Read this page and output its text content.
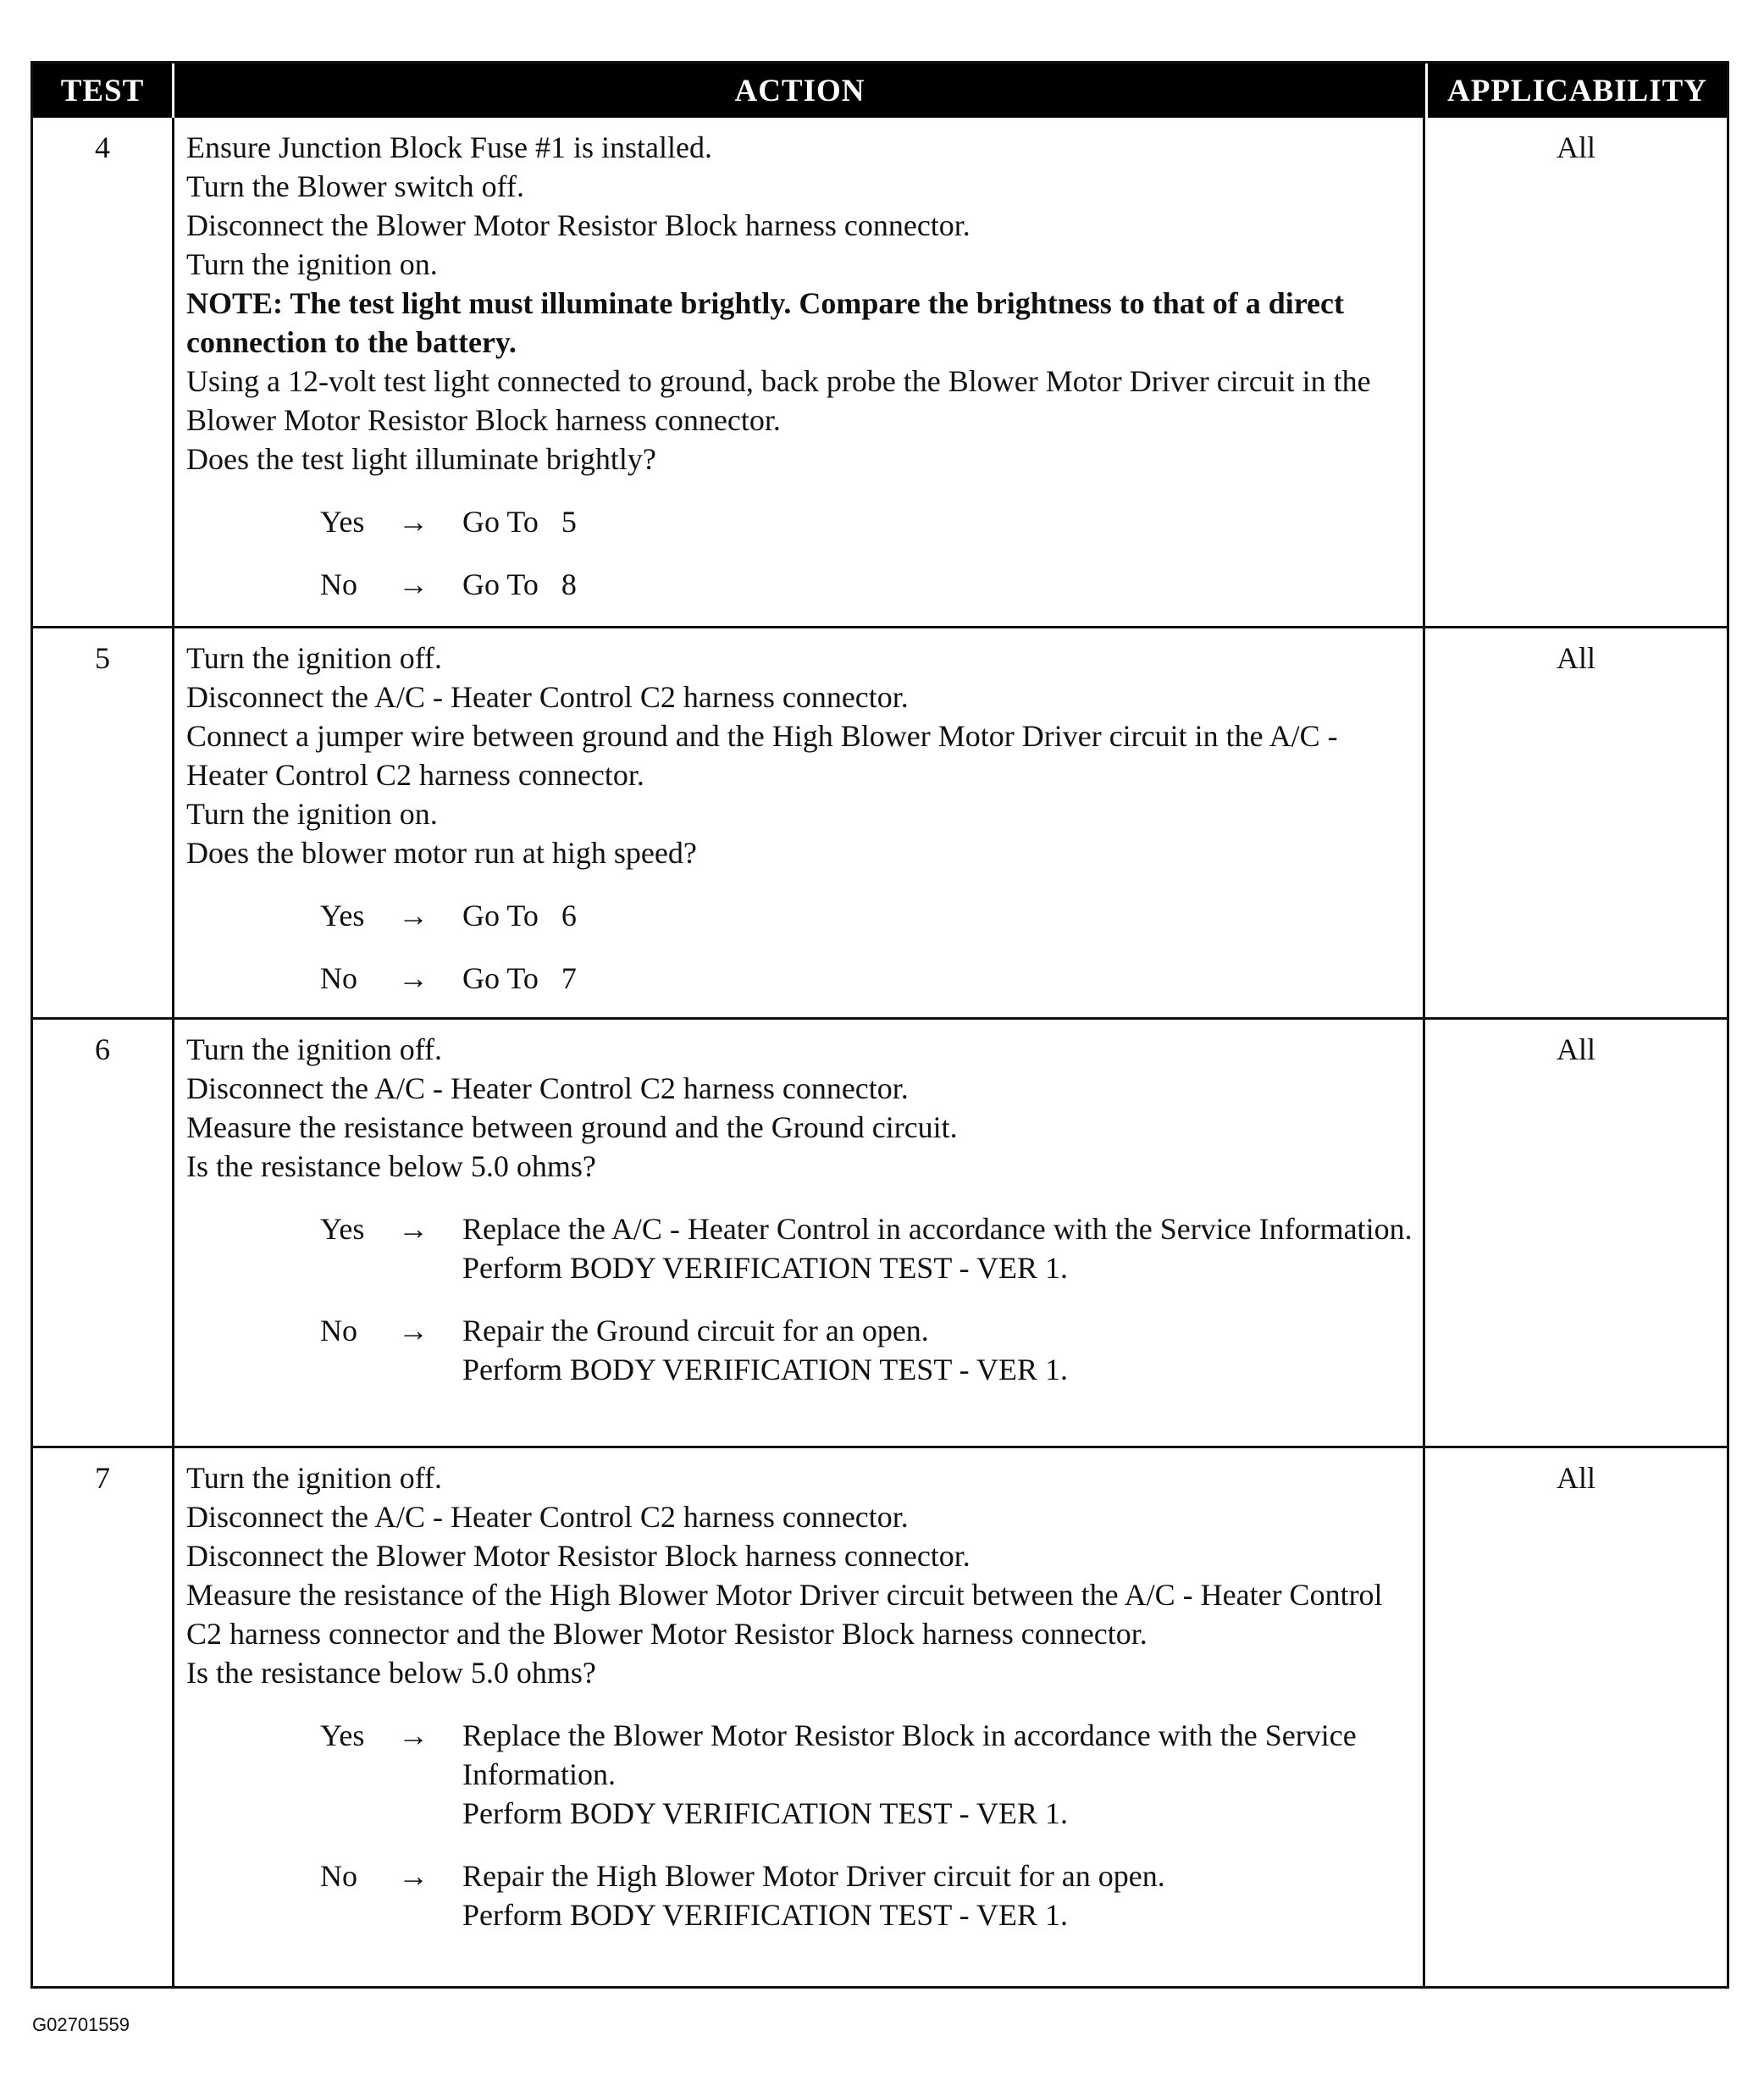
TEST	ACTION	APPLICABILITY
4	Ensure Junction Block Fuse #1 is installed.
Turn the Blower switch off.
Disconnect the Blower Motor Resistor Block harness connector.
Turn the ignition on.
NOTE: The test light must illuminate brightly. Compare the brightness to that of a direct connection to the battery.
Using a 12-volt test light connected to ground, back probe the Blower Motor Driver circuit in the Blower Motor Resistor Block harness connector.
Does the test light illuminate brightly?
Yes	→	Go To   5
No	→	Go To   8
All
5	Turn the ignition off.
Disconnect the A/C - Heater Control C2 harness connector.
Connect a jumper wire between ground and the High Blower Motor Driver circuit in the A/C - Heater Control C2 harness connector.
Turn the ignition on.
Does the blower motor run at high speed?
Yes	→	Go To   6
No	→	Go To   7
All
6	Turn the ignition off.
Disconnect the A/C - Heater Control C2 harness connector.
Measure the resistance between ground and the Ground circuit.
Is the resistance below 5.0 ohms?
Yes	→	Replace the A/C - Heater Control in accordance with the Service Information.
Perform BODY VERIFICATION TEST - VER 1.
No	→	Repair the Ground circuit for an open.
Perform BODY VERIFICATION TEST - VER 1.
All
7	Turn the ignition off.
Disconnect the A/C - Heater Control C2 harness connector.
Disconnect the Blower Motor Resistor Block harness connector.
Measure the resistance of the High Blower Motor Driver circuit between the A/C - Heater Control C2 harness connector and the Blower Motor Resistor Block harness connector.
Is the resistance below 5.0 ohms?
Yes	→	Replace the Blower Motor Resistor Block in accordance with the Service Information.
Perform BODY VERIFICATION TEST - VER 1.
No	→	Repair the High Blower Motor Driver circuit for an open.
Perform BODY VERIFICATION TEST - VER 1.
All
G02701559
